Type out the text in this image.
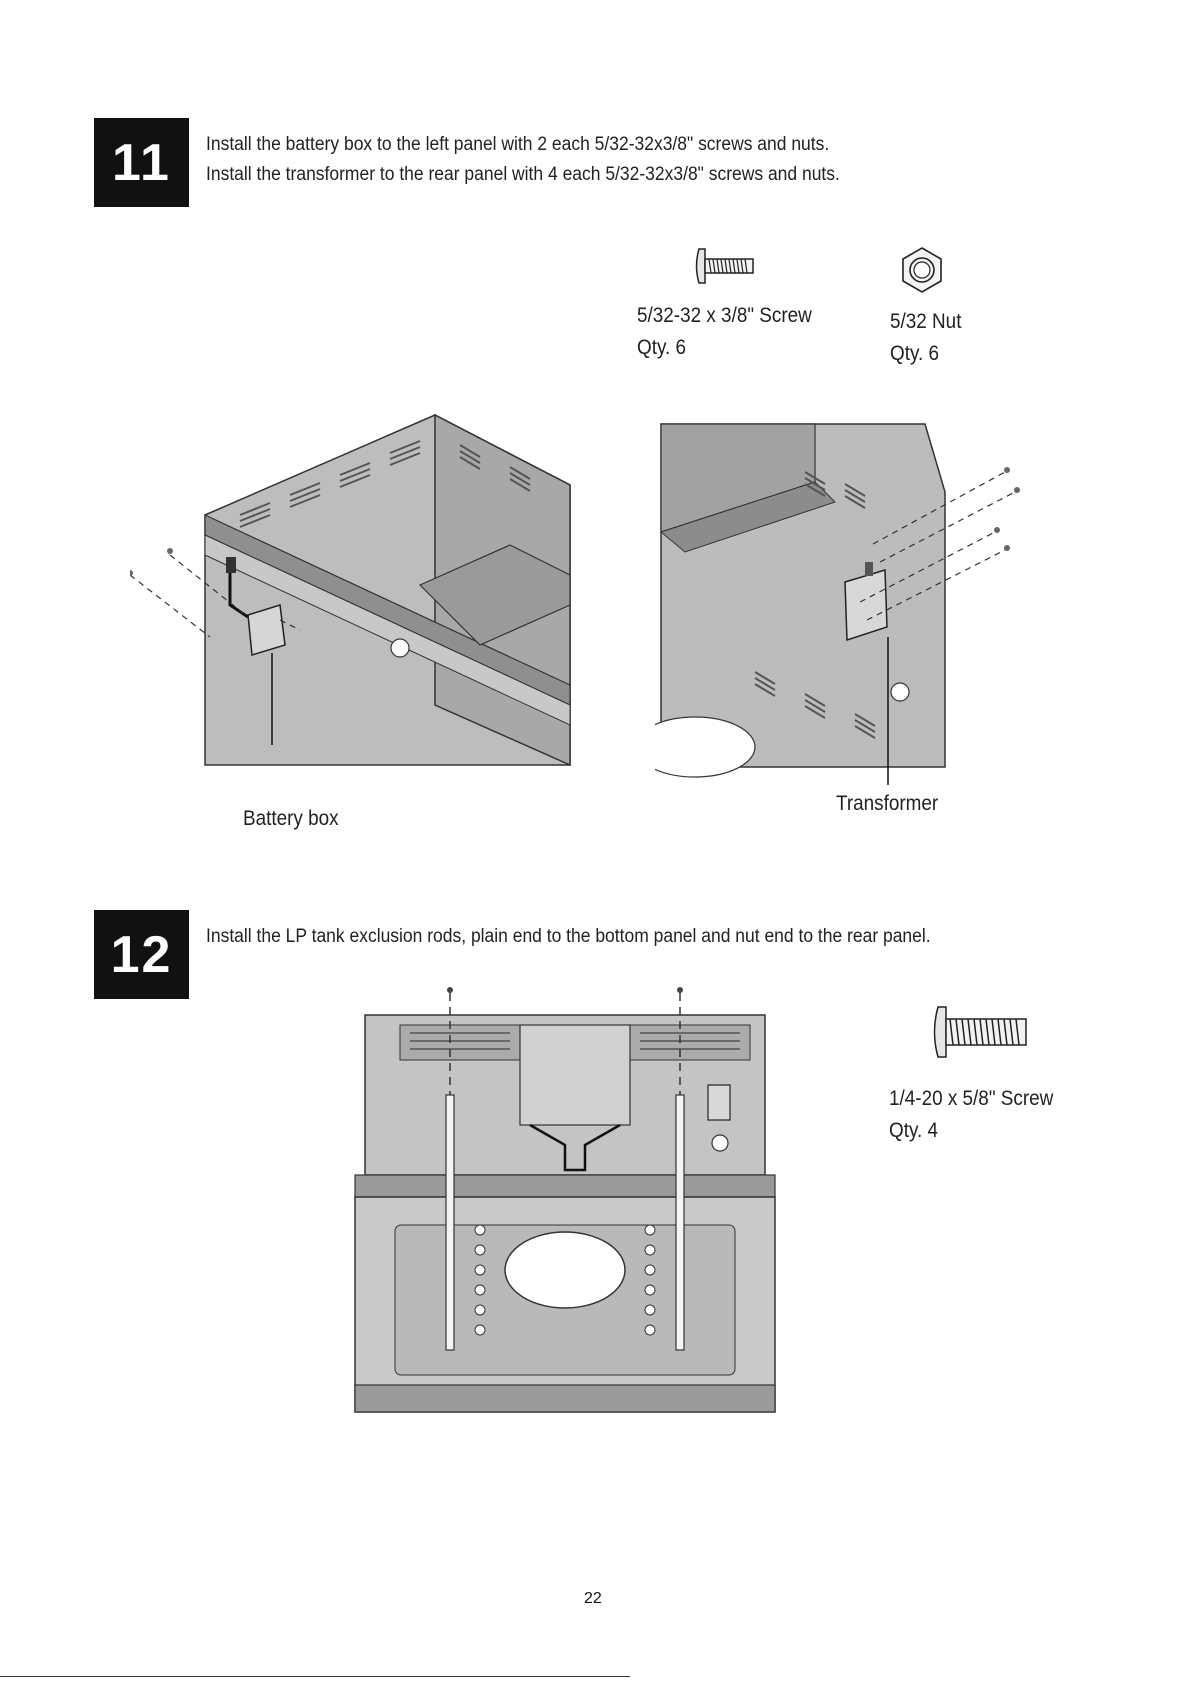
11 Install the battery box to the left panel with 2 each 5/32-32x3/8" screws and nuts.
Install the transformer to the rear panel with 4 each 5/32-32x3/8" screws and nuts.
5/32-32 x 3/8" Screw
Qty. 6
5/32 Nut
Qty. 6
Battery box
Transformer
12 Install the LP tank exclusion rods, plain end to the bottom panel and nut end to the rear panel.
1/4-20 x 5/8" Screw
Qty. 4
22
